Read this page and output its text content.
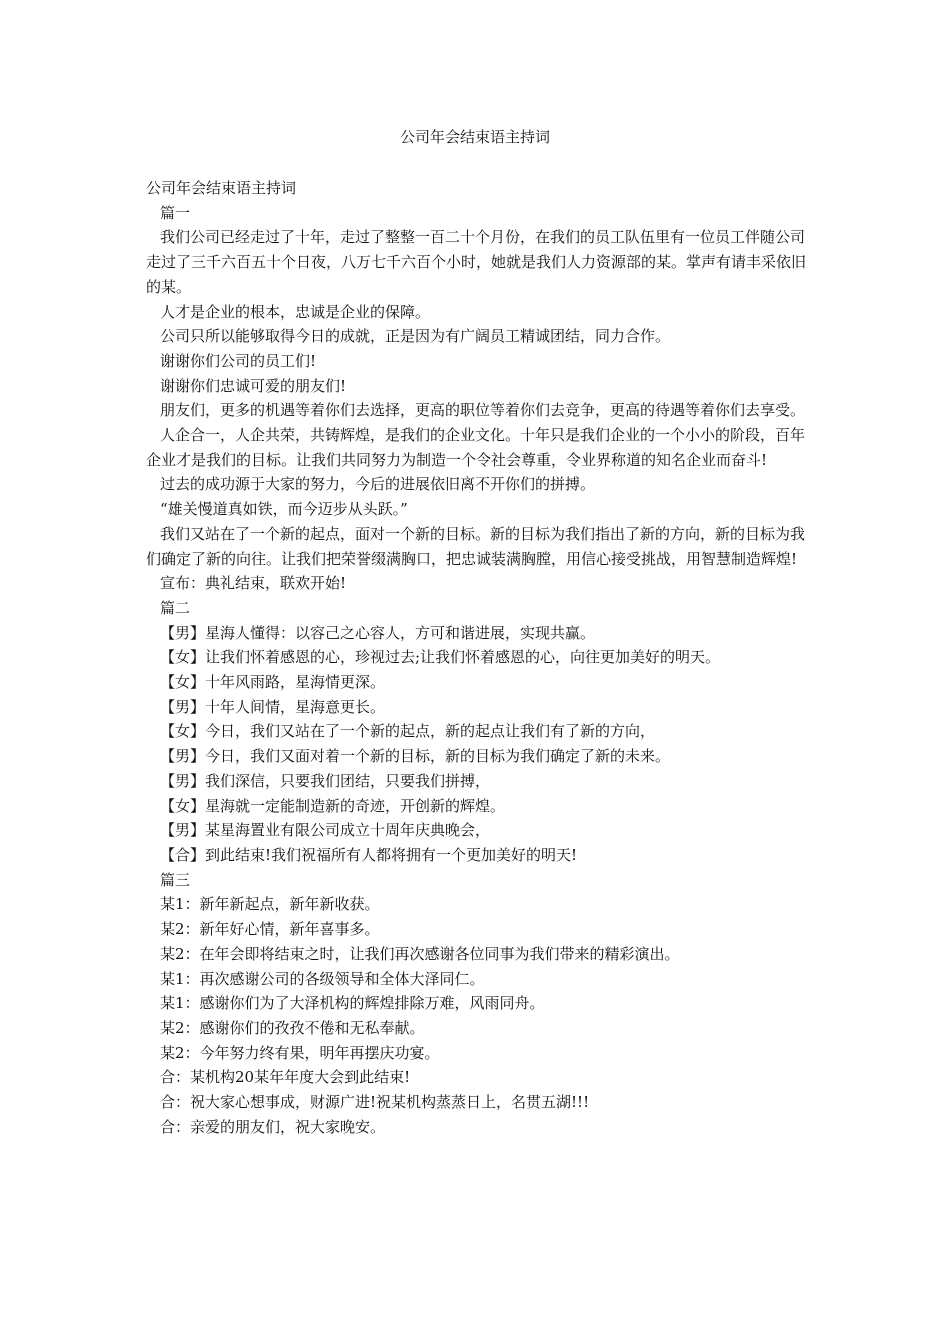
公司年会结束语主持词

公司年会结束语主持词

篇一

我们公司已经走过了十年，走过了整整一百二十个月份，在我们的员工队伍里有一位员工伴随公司走过了三千六百五十个日夜，八万七千六百个小时，她就是我们人力资源部的某。掌声有请丰采依旧的某。

人才是企业的根本，忠诚是企业的保障。

公司只所以能够取得今日的成就，正是因为有广阔员工精诚团结，同力合作。

谢谢你们公司的员工们!

谢谢你们忠诚可爱的朋友们!

朋友们，更多的机遇等着你们去选择，更高的职位等着你们去竞争，更高的待遇等着你们去享受。

人企合一，人企共荣，共铸辉煌，是我们的企业文化。十年只是我们企业的一个小小的阶段，百年企业才是我们的目标。让我们共同努力为制造一个令社会尊重，令业界称道的知名企业而奋斗!

过去的成功源于大家的努力，今后的进展依旧离不开你们的拼搏。

“雄关慢道真如铁，而今迈步从头跃。”

我们又站在了一个新的起点，面对一个新的目标。新的目标为我们指出了新的方向，新的目标为我们确定了新的向往。让我们把荣誉缀满胸口，把忠诚装满胸膛，用信心接受挑战，用智慧制造辉煌!

宣布：典礼结束，联欢开始!

篇二

【男】星海人懂得：以容己之心容人，方可和谐进展，实现共赢。

【女】让我们怀着感恩的心，珍视过去;让我们怀着感恩的心，向往更加美好的明天。

【女】十年风雨路，星海情更深。

【男】十年人间情，星海意更长。

【女】今日，我们又站在了一个新的起点，新的起点让我们有了新的方向，

【男】今日，我们又面对着一个新的目标，新的目标为我们确定了新的未来。

【男】我们深信，只要我们团结，只要我们拼搏，

【女】星海就一定能制造新的奇迹，开创新的辉煌。

【男】某星海置业有限公司成立十周年庆典晚会，

【合】到此结束!我们祝福所有人都将拥有一个更加美好的明天!

篇三

某1：新年新起点，新年新收获。

某2：新年好心情，新年喜事多。

某2：在年会即将结束之时，让我们再次感谢各位同事为我们带来的精彩演出。

某1：再次感谢公司的各级领导和全体大泽同仁。

某1：感谢你们为了大泽机构的辉煌排除万难，风雨同舟。

某2：感谢你们的孜孜不倦和无私奉献。

某2：今年努力终有果，明年再摆庆功宴。

合：某机构20某年年度大会到此结束!

合：祝大家心想事成，财源广进!祝某机构蒸蒸日上，名贯五湖!!!

合：亲爱的朋友们，祝大家晚安。
